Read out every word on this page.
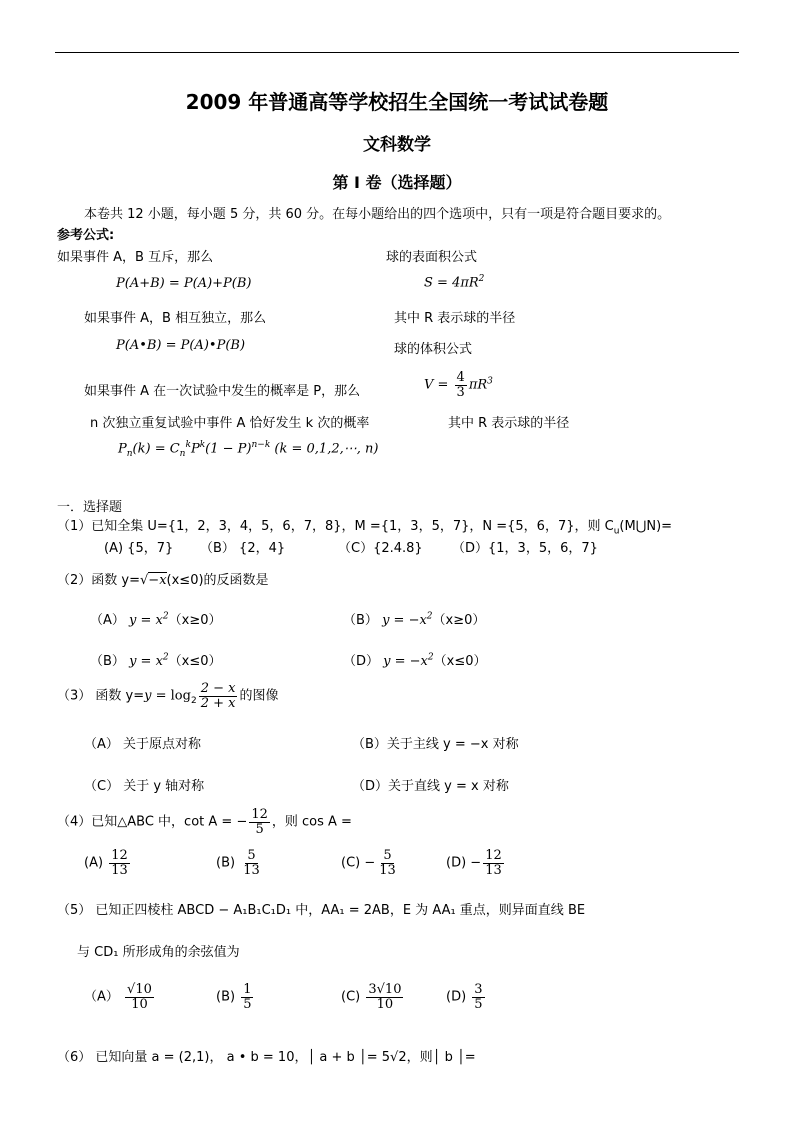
2009 年普通高等学校招生全国统一考试试卷题
文科数学
第 I 卷（选择题）
本卷共 12 小题，每小题 5 分，共 60 分。在每小题给出的四个选项中，只有一项是符合题目要求的。
参考公式:
如果事件 A，B 互斥，那么
P(A+B) = P(A)+P(B)
如果事件 A，B 相互独立，那么
P(A•B) = P(A)•P(B)
如果事件 A 在一次试验中发生的概率是 P，那么
n 次独立重复试验中事件 A 恰好发生 k 次的概率
$P_n(k) = C_n^kP^k(1 - P)^{n-k}$ (k = 0,1,2,⋯, n)
球的表面积公式
$S = 4\pi R^2$
其中 R 表示球的半径
球的体积公式
$V = \frac{4}{3} \pi R^3$
其中 R 表示球的半径
一．选择题
（1）已知全集 U={1，2，3，4，5，6，7，8}，M ={1，3，5，7}，N ={5，6，7}，则 $C_u(M⋃N)=$
(A) {5，7} （B） {2，4}	（C）{2.4.8} （D）{1，3，5，6，7}
（2）函数 y=√−x(x≤0)的反函数是
（A） $y = x^2(x\ge 0)$	（B） $y = -x^2(x\ge 0)$
（B） $y = x^2(x\le 0)$	（D） $y = -x^2(x\le 0)$
（3） 函数 $y=y = \log_2 \frac{2 - x}{2 + x}$ 的图像
（A） 关于原点对称	（B）关于主线 y = −x 对称
（C） 关于 y 轴对称	（D）关于直线 y = x 对称
（4）已知△ABC 中，cot A = − $\frac{12}{5}$ ，则 cos A =
$(A) \frac{12}{13}$	$(B) \frac{5}{13}$	$(C) - \frac{5}{13}$	$(D) - \frac{12}{13}$
（5） 已知正四棱柱 ABCD − A₁B₁C₁D₁ 中，AA₁ = 2AB，E 为 AA₁ 重点，则异面直线 BE
与 CD₁ 所形成角的余弦值为
$(A) \frac{√10}{10}$	$(B) \frac{1}{5}$	$(C) \frac{3√10}{10}$	$(D) \frac{3}{5}$
（6） 已知向量 a = (2,1)， a • b = 10，│ a + b │= 5√2，则│ b │=
